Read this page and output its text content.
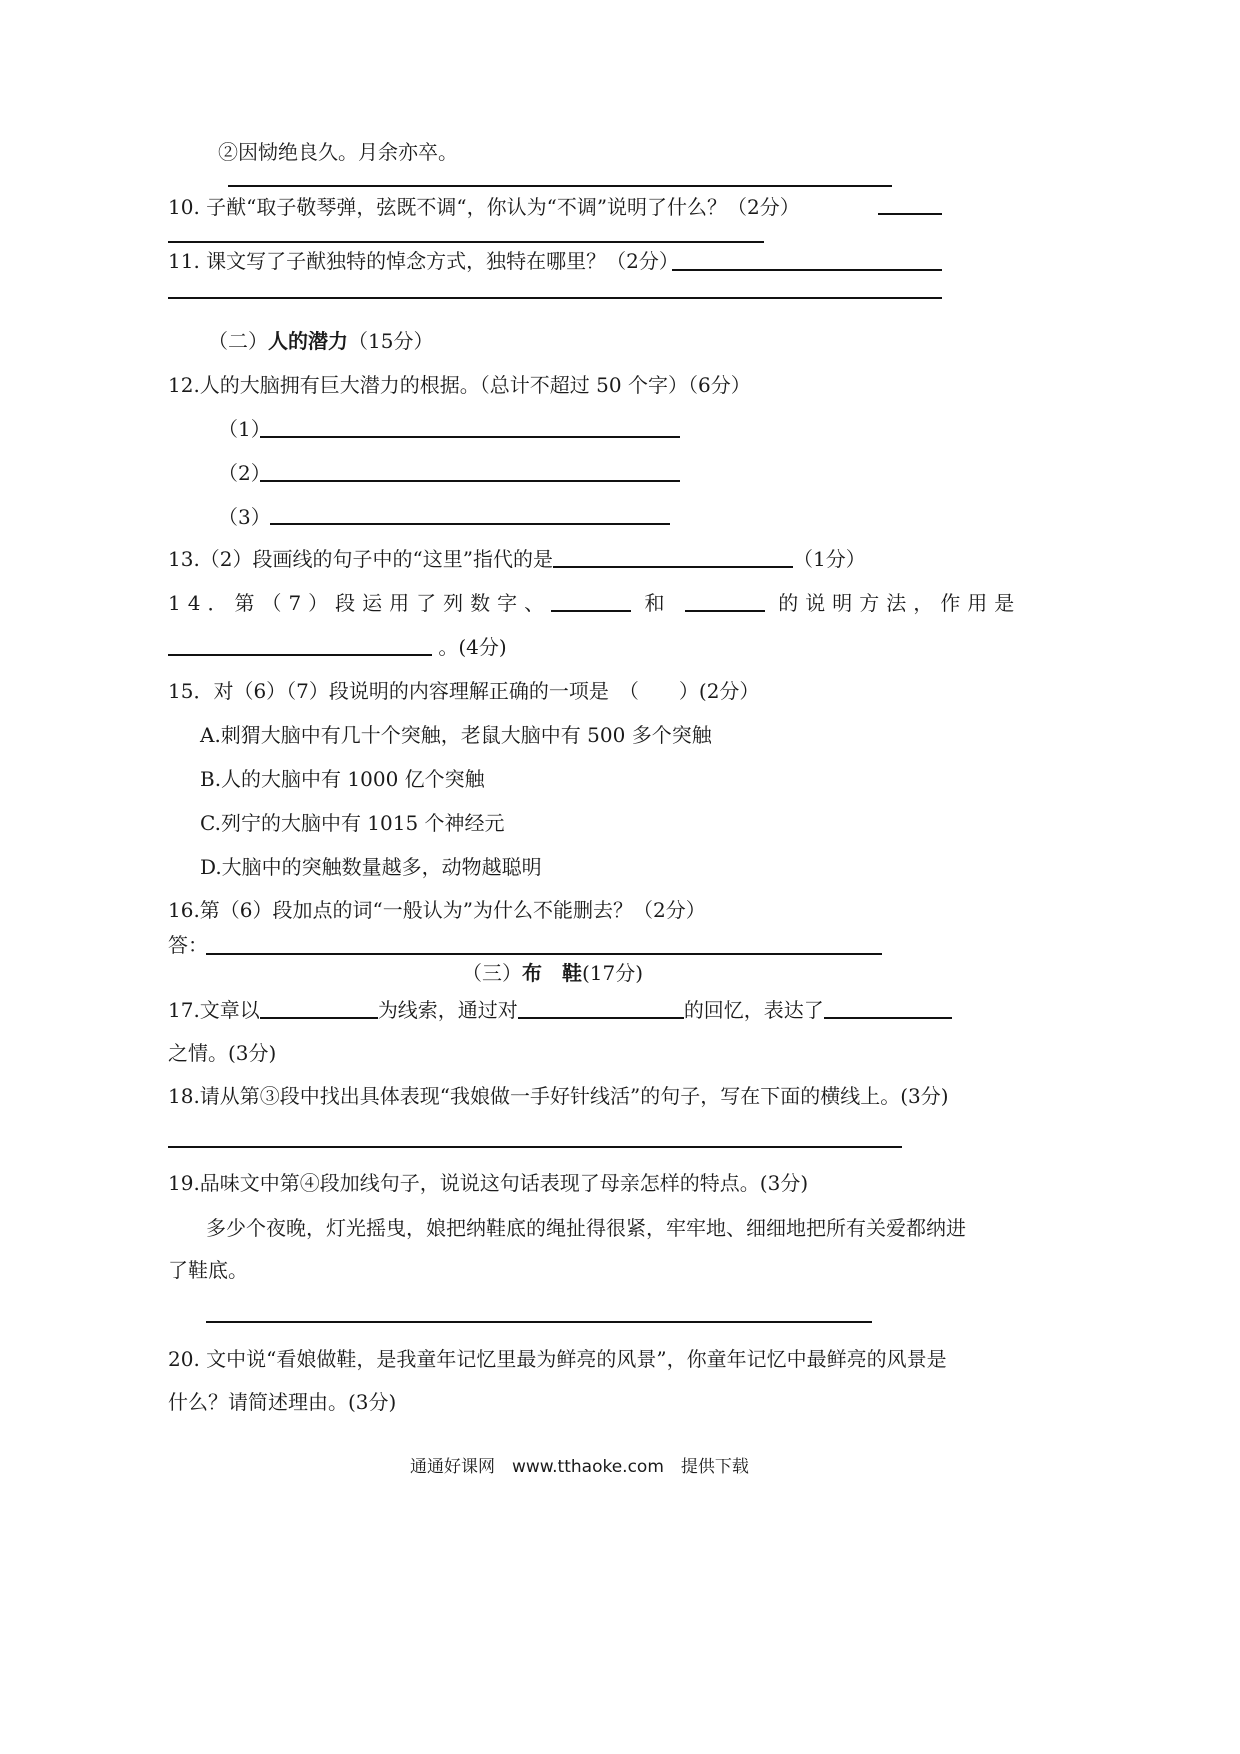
②因恸绝良久。月余亦卒。
10. 子猷“取子敬琴弹，弦既不调“，你认为“不调”说明了什么？（2分）
11. 课文写了子猷独特的悼念方式，独特在哪里？（2分）
（二）人的潜力（15分）
12.人的大脑拥有巨大潜力的根据。（总计不超过 50 个字）（6分）
（1）
（2）
（3）
13.（2）段画线的句子中的“这里”指代的是	（1分）
14．第（7）段运用了列数字、	和	的说明方法，作用是
。(4分)
15．对（6）（7）段说明的内容理解正确的一项是　（　　）(2分）
A.刺猬大脑中有几十个突触，老鼠大脑中有 500 多个突触
B.人的大脑中有 1000 亿个突触
C.列宁的大脑中有 1015 个神经元
D.大脑中的突触数量越多，动物越聪明
16.第（6）段加点的词“一般认为”为什么不能删去？（2分）
答：
（三）布 鞋(17分)
17.文章以	为线索，通过对	的回忆，表达了
之情。(3分)
18.请从第③段中找出具体表现“我娘做一手好针线活”的句子，写在下面的横线上。(3分)
19.品味文中第④段加线句子，说说这句话表现了母亲怎样的特点。(3分)
多少个夜晚，灯光摇曳，娘把纳鞋底的绳扯得很紧，牢牢地、细细地把所有关爱都纳进
了鞋底。
20. 文中说“看娘做鞋，是我童年记忆里最为鲜亮的风景”，你童年记忆中最鲜亮的风景是
什么？请简述理由。(3分)
通通好课网　www.tthaoke.com　提供下载
